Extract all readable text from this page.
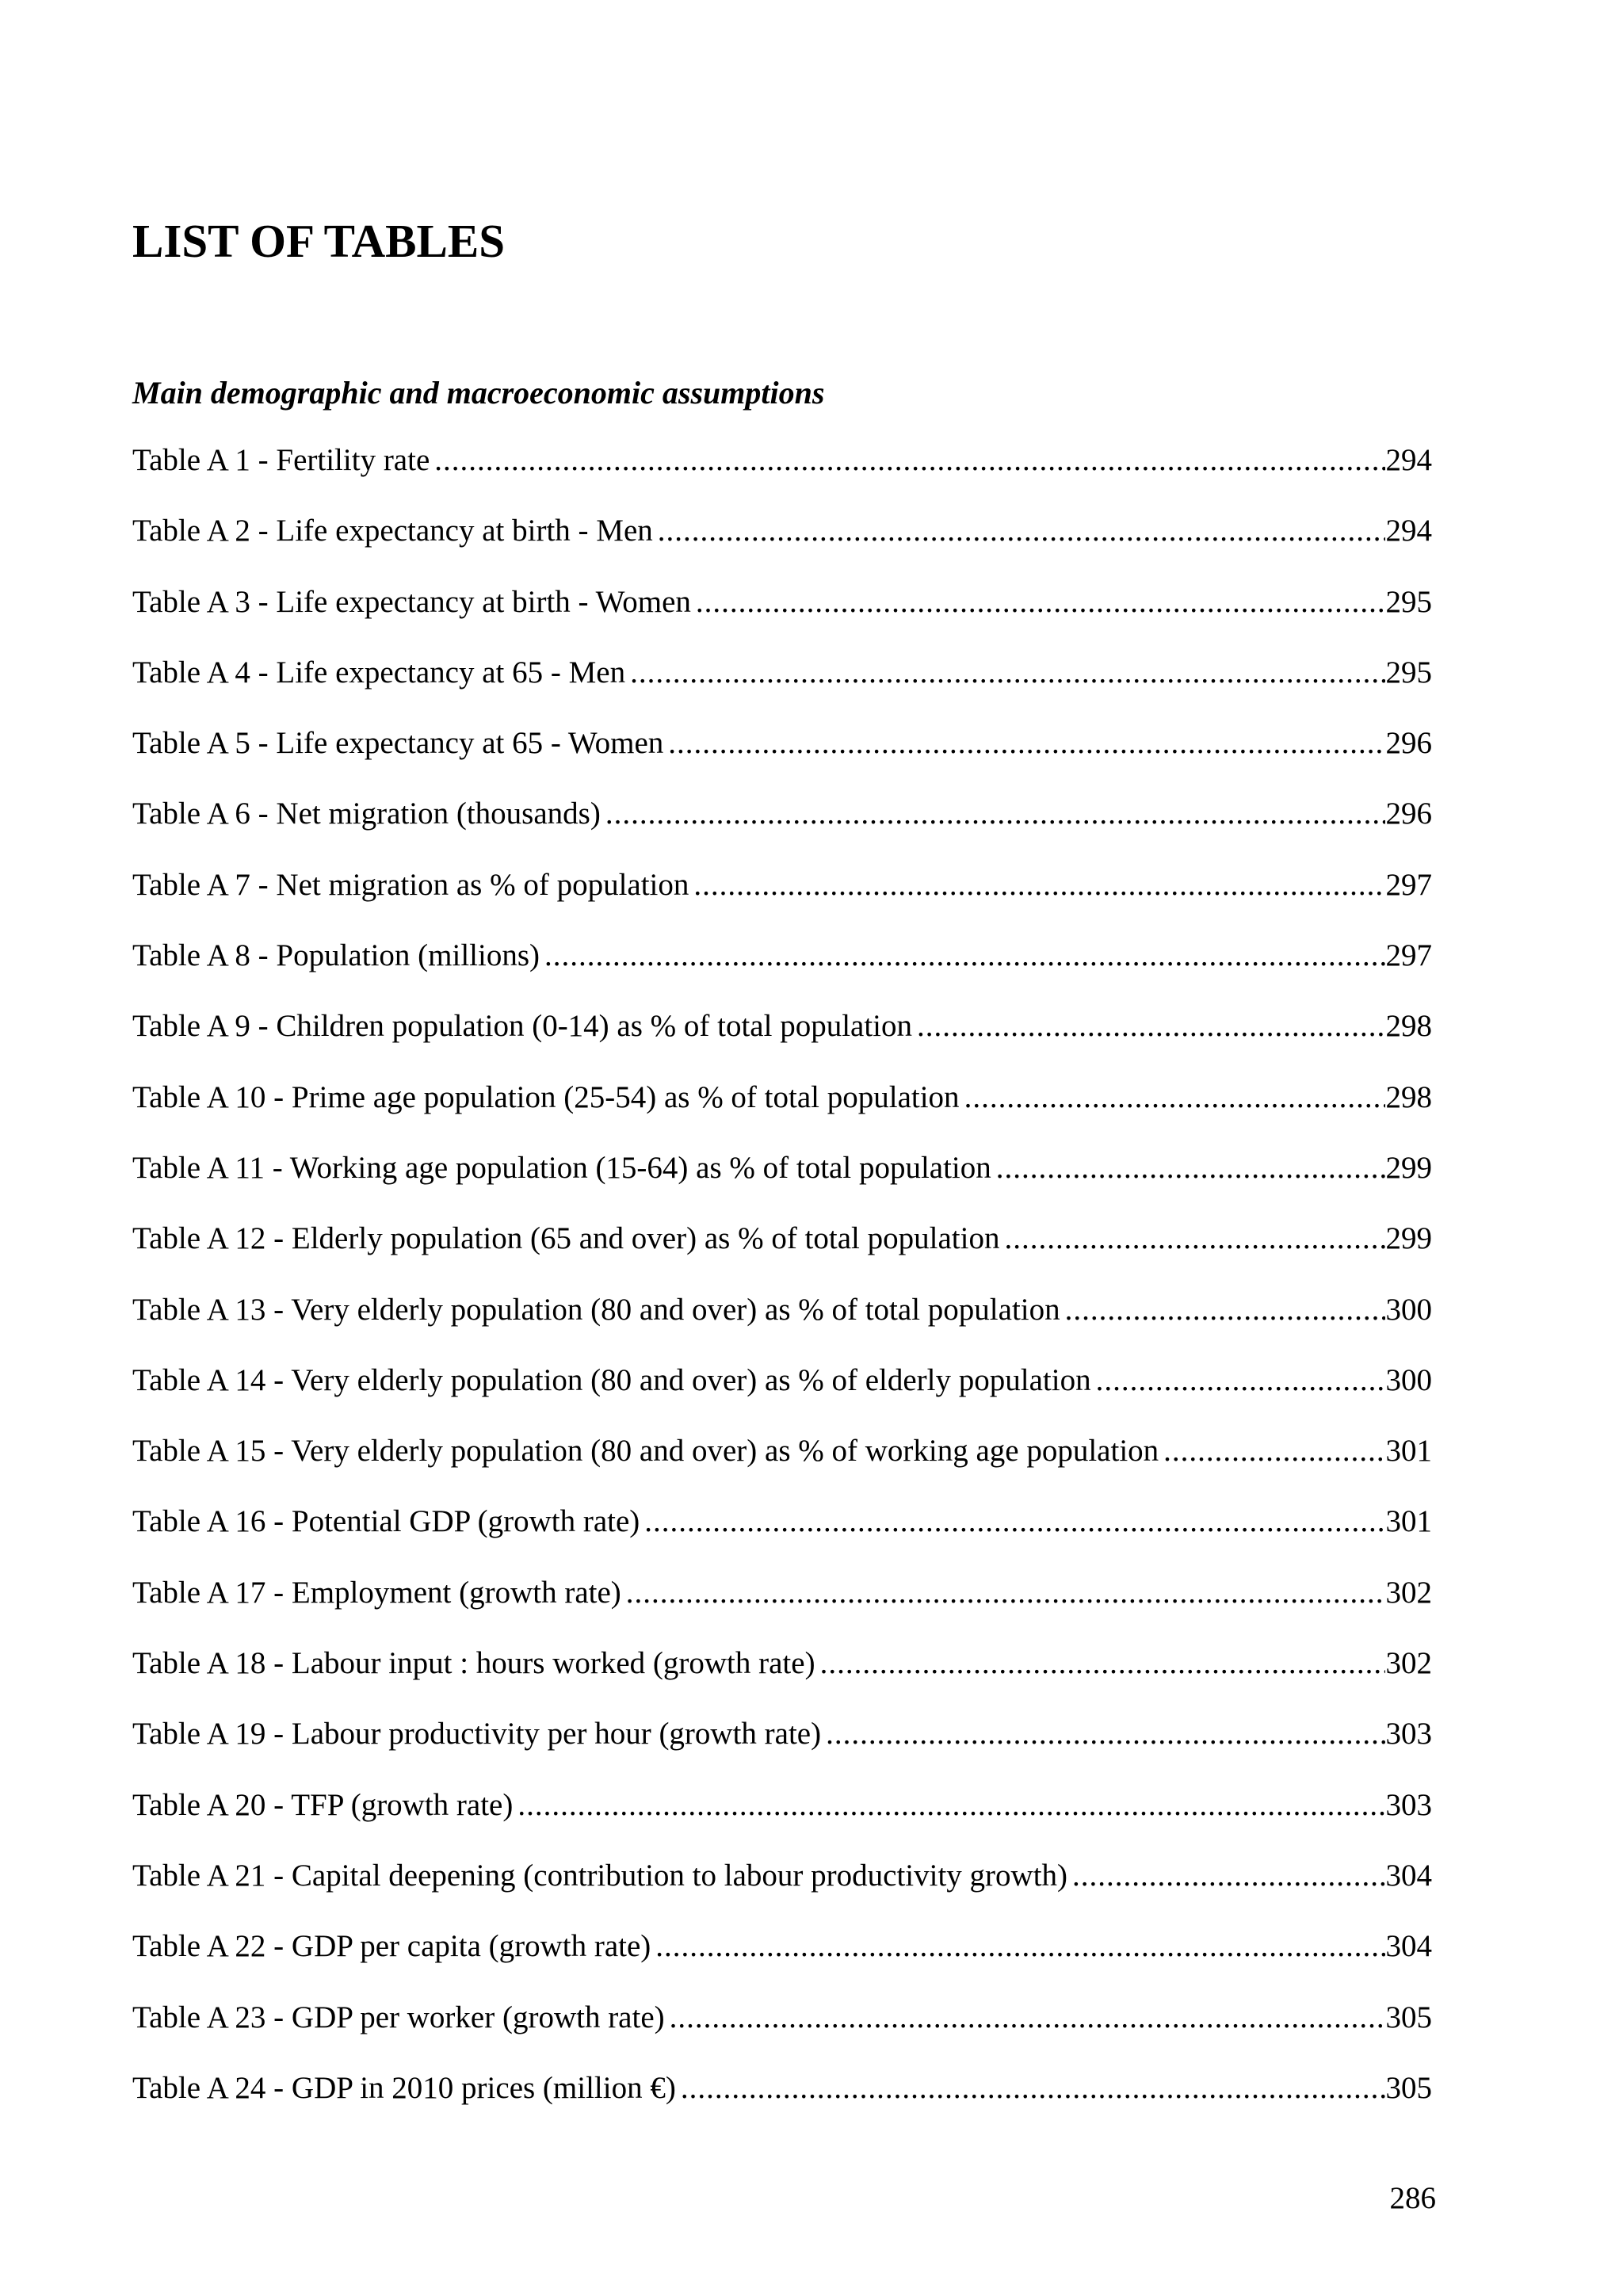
LIST OF TABLES
Main demographic and macroeconomic assumptions
Table A 1 - Fertility rate .....	294
Table A 2 - Life expectancy at birth - Men .....	294
Table A 3 - Life expectancy at birth - Women .....	295
Table A 4 - Life expectancy at 65 - Men .....	295
Table A 5 - Life expectancy at 65 - Women .....	296
Table A 6 - Net migration (thousands) .....	296
Table A 7 - Net migration as % of population .....	297
Table A 8 - Population (millions) .....	297
Table A 9 - Children population (0-14) as % of total population .....	298
Table A 10 - Prime age population (25-54) as % of total population .....	298
Table A 11 - Working age population (15-64) as % of total population .....	299
Table A 12 - Elderly population (65 and over) as % of total population .....	299
Table A 13 - Very elderly population (80 and over) as % of total population .....	300
Table A 14 - Very elderly population (80 and over) as % of elderly population .....	300
Table A 15 - Very elderly population (80 and over) as % of working age population .....	301
Table A 16 - Potential GDP (growth rate) .....	301
Table A 17 - Employment (growth rate) .....	302
Table A 18 - Labour input : hours worked (growth rate) .....	302
Table A 19 - Labour productivity per hour (growth rate) .....	303
Table A 20 - TFP (growth rate) .....	303
Table A 21 - Capital deepening (contribution to labour productivity growth) .....	304
Table A 22 - GDP per capita (growth rate) .....	304
Table A 23 - GDP per worker (growth rate) .....	305
Table A 24 - GDP in 2010 prices (million €) .....	305

286
